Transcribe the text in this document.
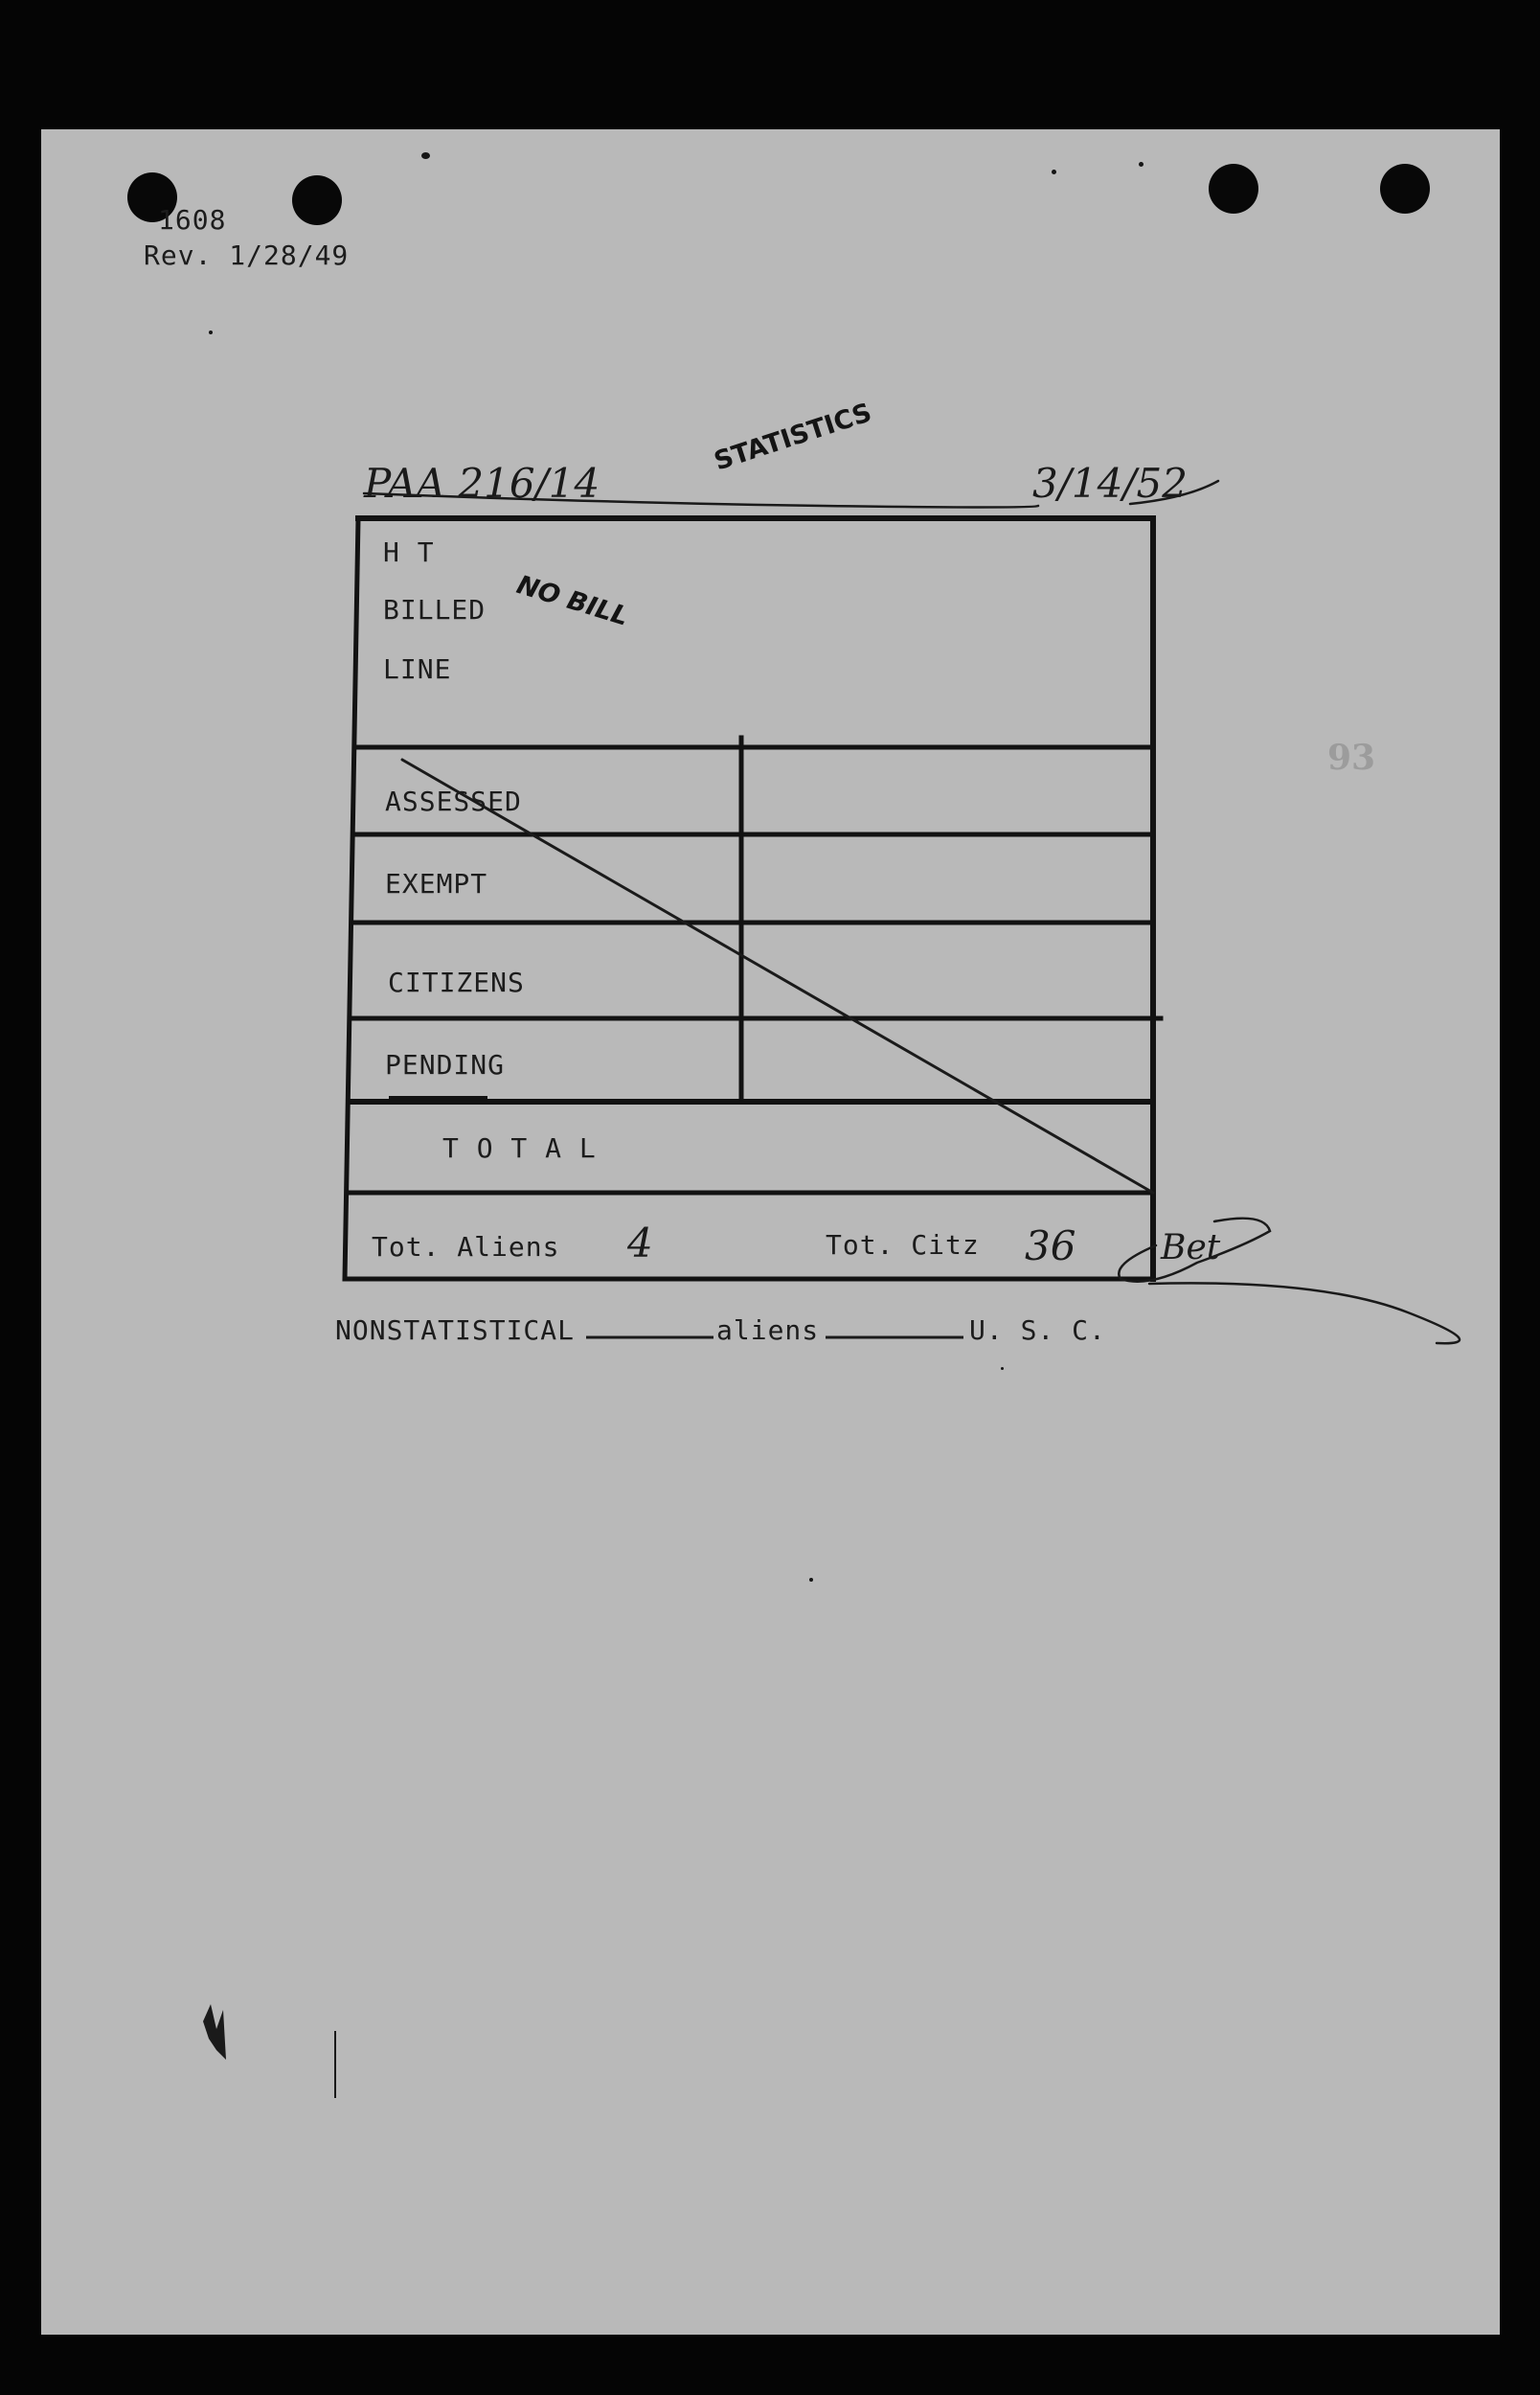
1608
Rev. 1/28/49
PAA 216/14
STATISTICS
3/14/52
H T
BILLED
LINE
NO BILL
ASSESSED
EXEMPT
CITIZENS
PENDING
T O T A L
Tot. Aliens 4	Tot. Citz 36 Bet
NONSTATISTICAL	aliens	U. S. C.
93
